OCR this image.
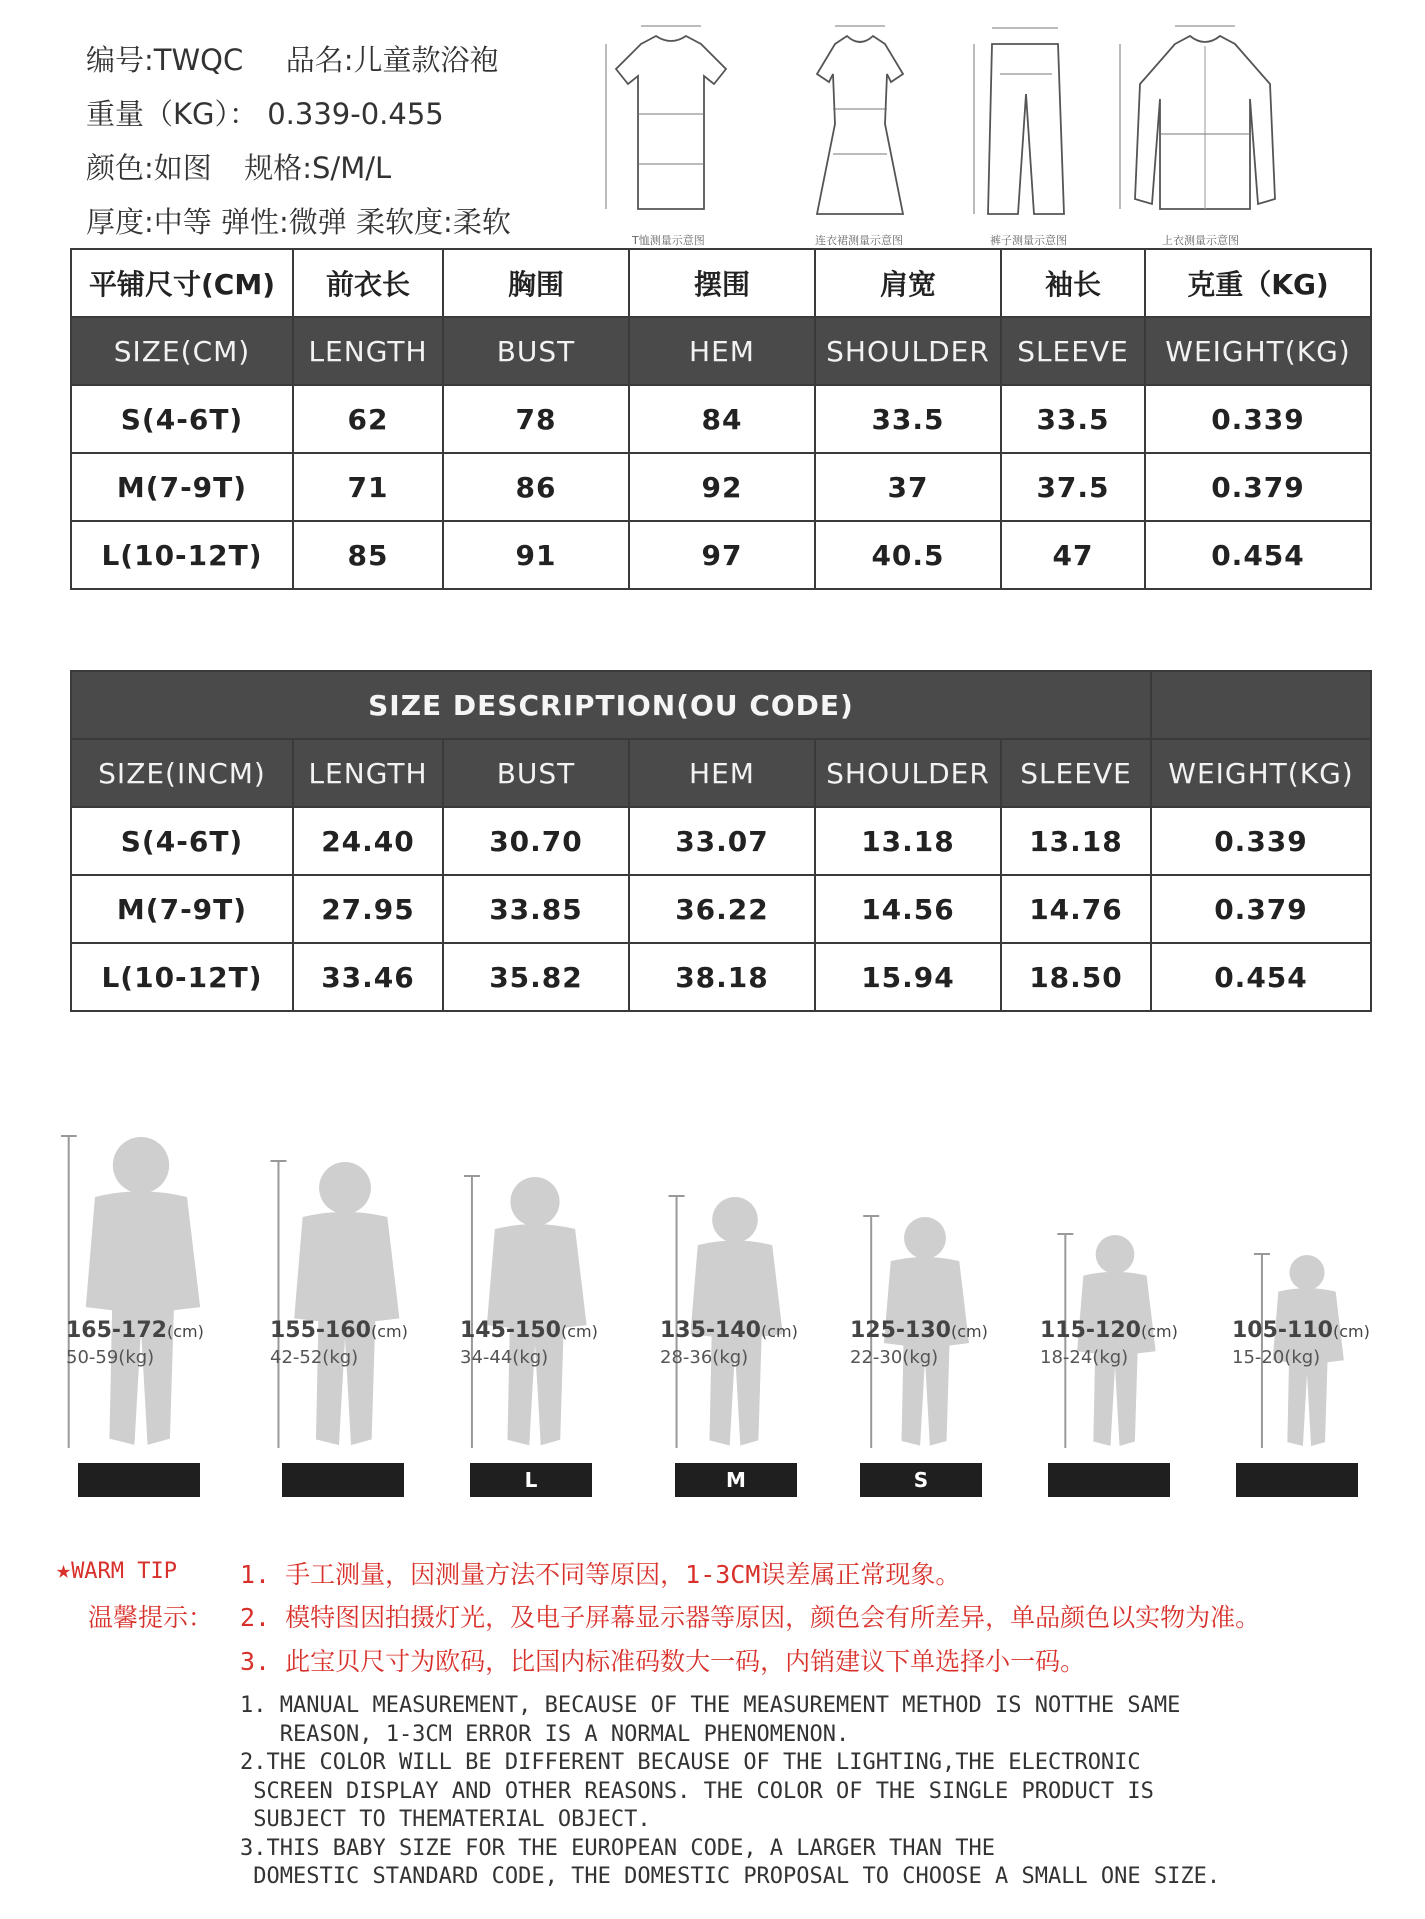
编号:TWQC 品名:儿童款浴袍
重量（KG）： 0.339-0.455
颜色:如图 规格:S/M/L
厚度:中等 弹性:微弹 柔软度:柔软
T恤测量示意图	连衣裙测量示意图	裤子测量示意图	上衣测量示意图
平铺尺寸(CM)	前衣长	胸围	摆围	肩宽	袖长	克重（KG)
SIZE(CM)	LENGTH	BUST	HEM	SHOULDER	SLEEVE	WEIGHT(KG)
S(4-6T)	62	78	84	33.5	33.5	0.339
M(7-9T)	71	86	92	37	37.5	0.379
L(10-12T)	85	91	97	40.5	47	0.454
SIZE DESCRIPTION(OU CODE)						
SIZE(INCM)	LENGTH	BUST	HEM	SHOULDER	SLEEVE	WEIGHT(KG)
S(4-6T)	24.40	30.70	33.07	13.18	13.18	0.339
M(7-9T)	27.95	33.85	36.22	14.56	14.76	0.379
L(10-12T)	33.46	35.82	38.18	15.94	18.50	0.454
165-172(cm)
50-59(kg)
155-160(cm)
42-52(kg)
145-150(cm)
34-44(kg)
L
135-140(cm)
28-36(kg)
M
125-130(cm)
22-30(kg)
S
115-120(cm)
18-24(kg)
105-110(cm)
15-20(kg)
★WARM TIP
温馨提示：
1. 手工测量，因测量方法不同等原因，1-3CM误差属正常现象。
2. 模特图因拍摄灯光，及电子屏幕显示器等原因，颜色会有所差异，单品颜色以实物为准。
3. 此宝贝尺寸为欧码，比国内标准码数大一码，内销建议下单选择小一码。
1. MANUAL MEASUREMENT, BECAUSE OF THE MEASUREMENT METHOD IS NOTTHE SAME
REASON, 1-3CM ERROR IS A NORMAL PHENOMENON.
2.THE COLOR WILL BE DIFFERENT BECAUSE OF THE LIGHTING,THE ELECTRONIC
SCREEN DISPLAY AND OTHER REASONS. THE COLOR OF THE SINGLE PRODUCT IS
SUBJECT TO THEMATERIAL OBJECT.
3.THIS BABY SIZE FOR THE EUROPEAN CODE, A LARGER THAN THE
DOMESTIC STANDARD CODE, THE DOMESTIC PROPOSAL TO CHOOSE A SMALL ONE SIZE.
